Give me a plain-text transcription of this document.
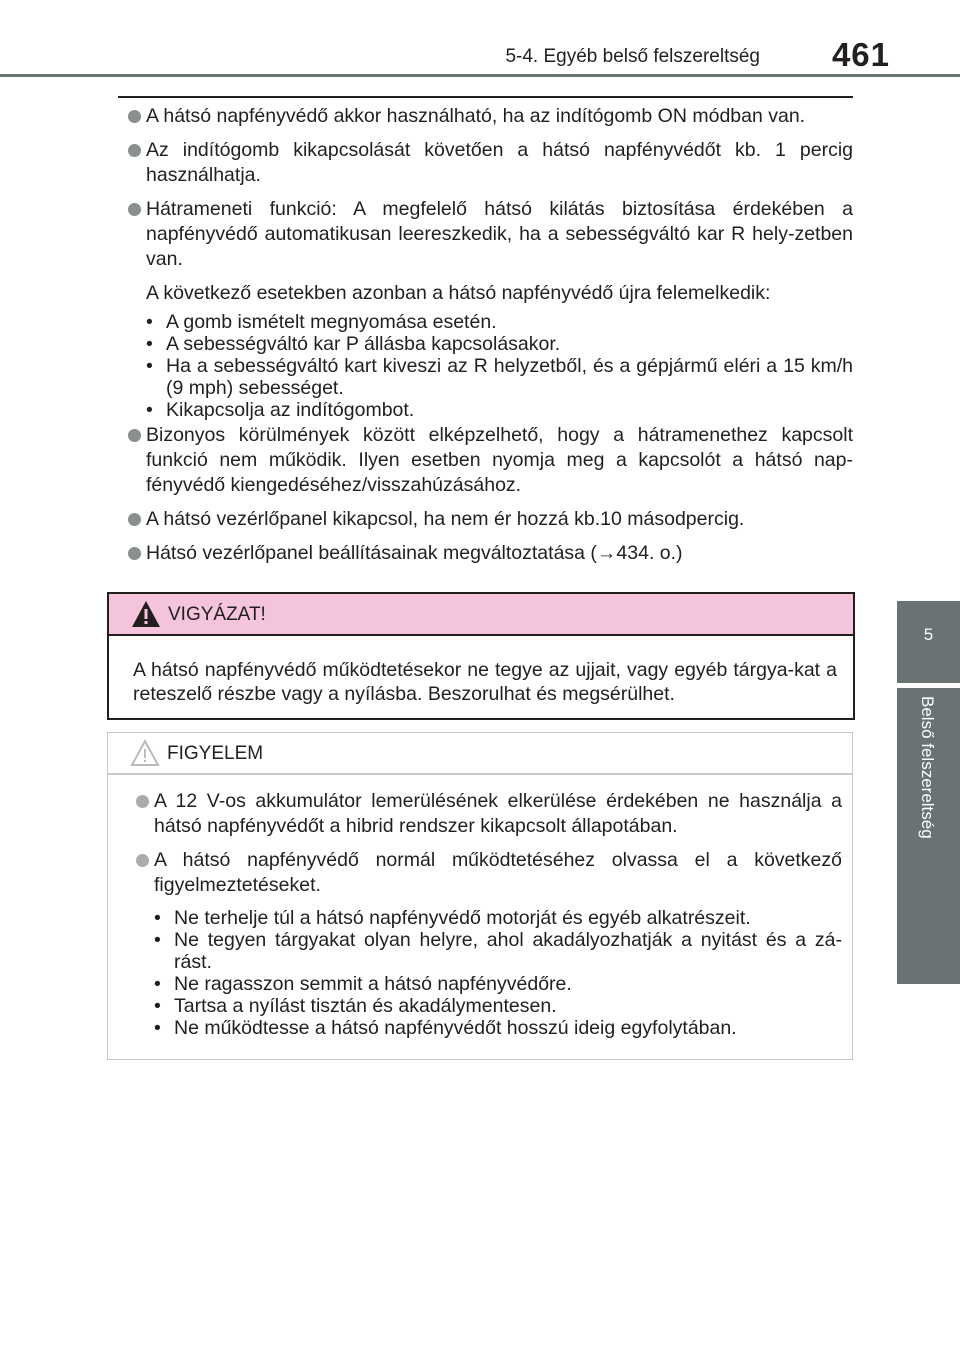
5-4. Egyéb belső felszereltség	461
5
Belső felszereltség
A hátsó napfényvédő akkor használható, ha az indítógomb ON módban van.
Az indítógomb kikapcsolását követően a hátsó napfényvédőt kb. 1 percig használhatja.
Hátrameneti funkció: A megfelelő hátsó kilátás biztosítása érdekében a napfényvédő automatikusan leereszkedik, ha a sebességváltó kar R hely-zetben van.
A következő esetekben azonban a hátsó napfényvédő újra felemelkedik:
• A gomb ismételt megnyomása esetén.
• A sebességváltó kar P állásba kapcsolásakor.
• Ha a sebességváltó kart kiveszi az R helyzetből, és a gépjármű eléri a 15 km/h (9 mph) sebességet.
• Kikapcsolja az indítógombot.
Bizonyos körülmények között elképzelhető, hogy a hátramenethez kapcsolt funkció nem működik. Ilyen esetben nyomja meg a kapcsolót a hátsó nap-fényvédő kiengedéséhez/visszahúzásához.
A hátsó vezérlőpanel kikapcsol, ha nem ér hozzá kb.10 másodpercig.
Hátsó vezérlőpanel beállításainak megváltoztatása (→434. o.)
VIGYÁZAT!
A hátsó napfényvédő működtetésekor ne tegye az ujjait, vagy egyéb tárgya-kat a reteszelő részbe vagy a nyílásba. Beszorulhat és megsérülhet.
FIGYELEM
A 12 V-os akkumulátor lemerülésének elkerülése érdekében ne használja a hátsó napfényvédőt a hibrid rendszer kikapcsolt állapotában.
A hátsó napfényvédő normál működtetéséhez olvassa el a következő figyelmeztetéseket.
• Ne terhelje túl a hátsó napfényvédő motorját és egyéb alkatrészeit.
• Ne tegyen tárgyakat olyan helyre, ahol akadályozhatják a nyitást és a zá-rást.
• Ne ragasszon semmit a hátsó napfényvédőre.
• Tartsa a nyílást tisztán és akadálymentesen.
• Ne működtesse a hátsó napfényvédőt hosszú ideig egyfolytában.
